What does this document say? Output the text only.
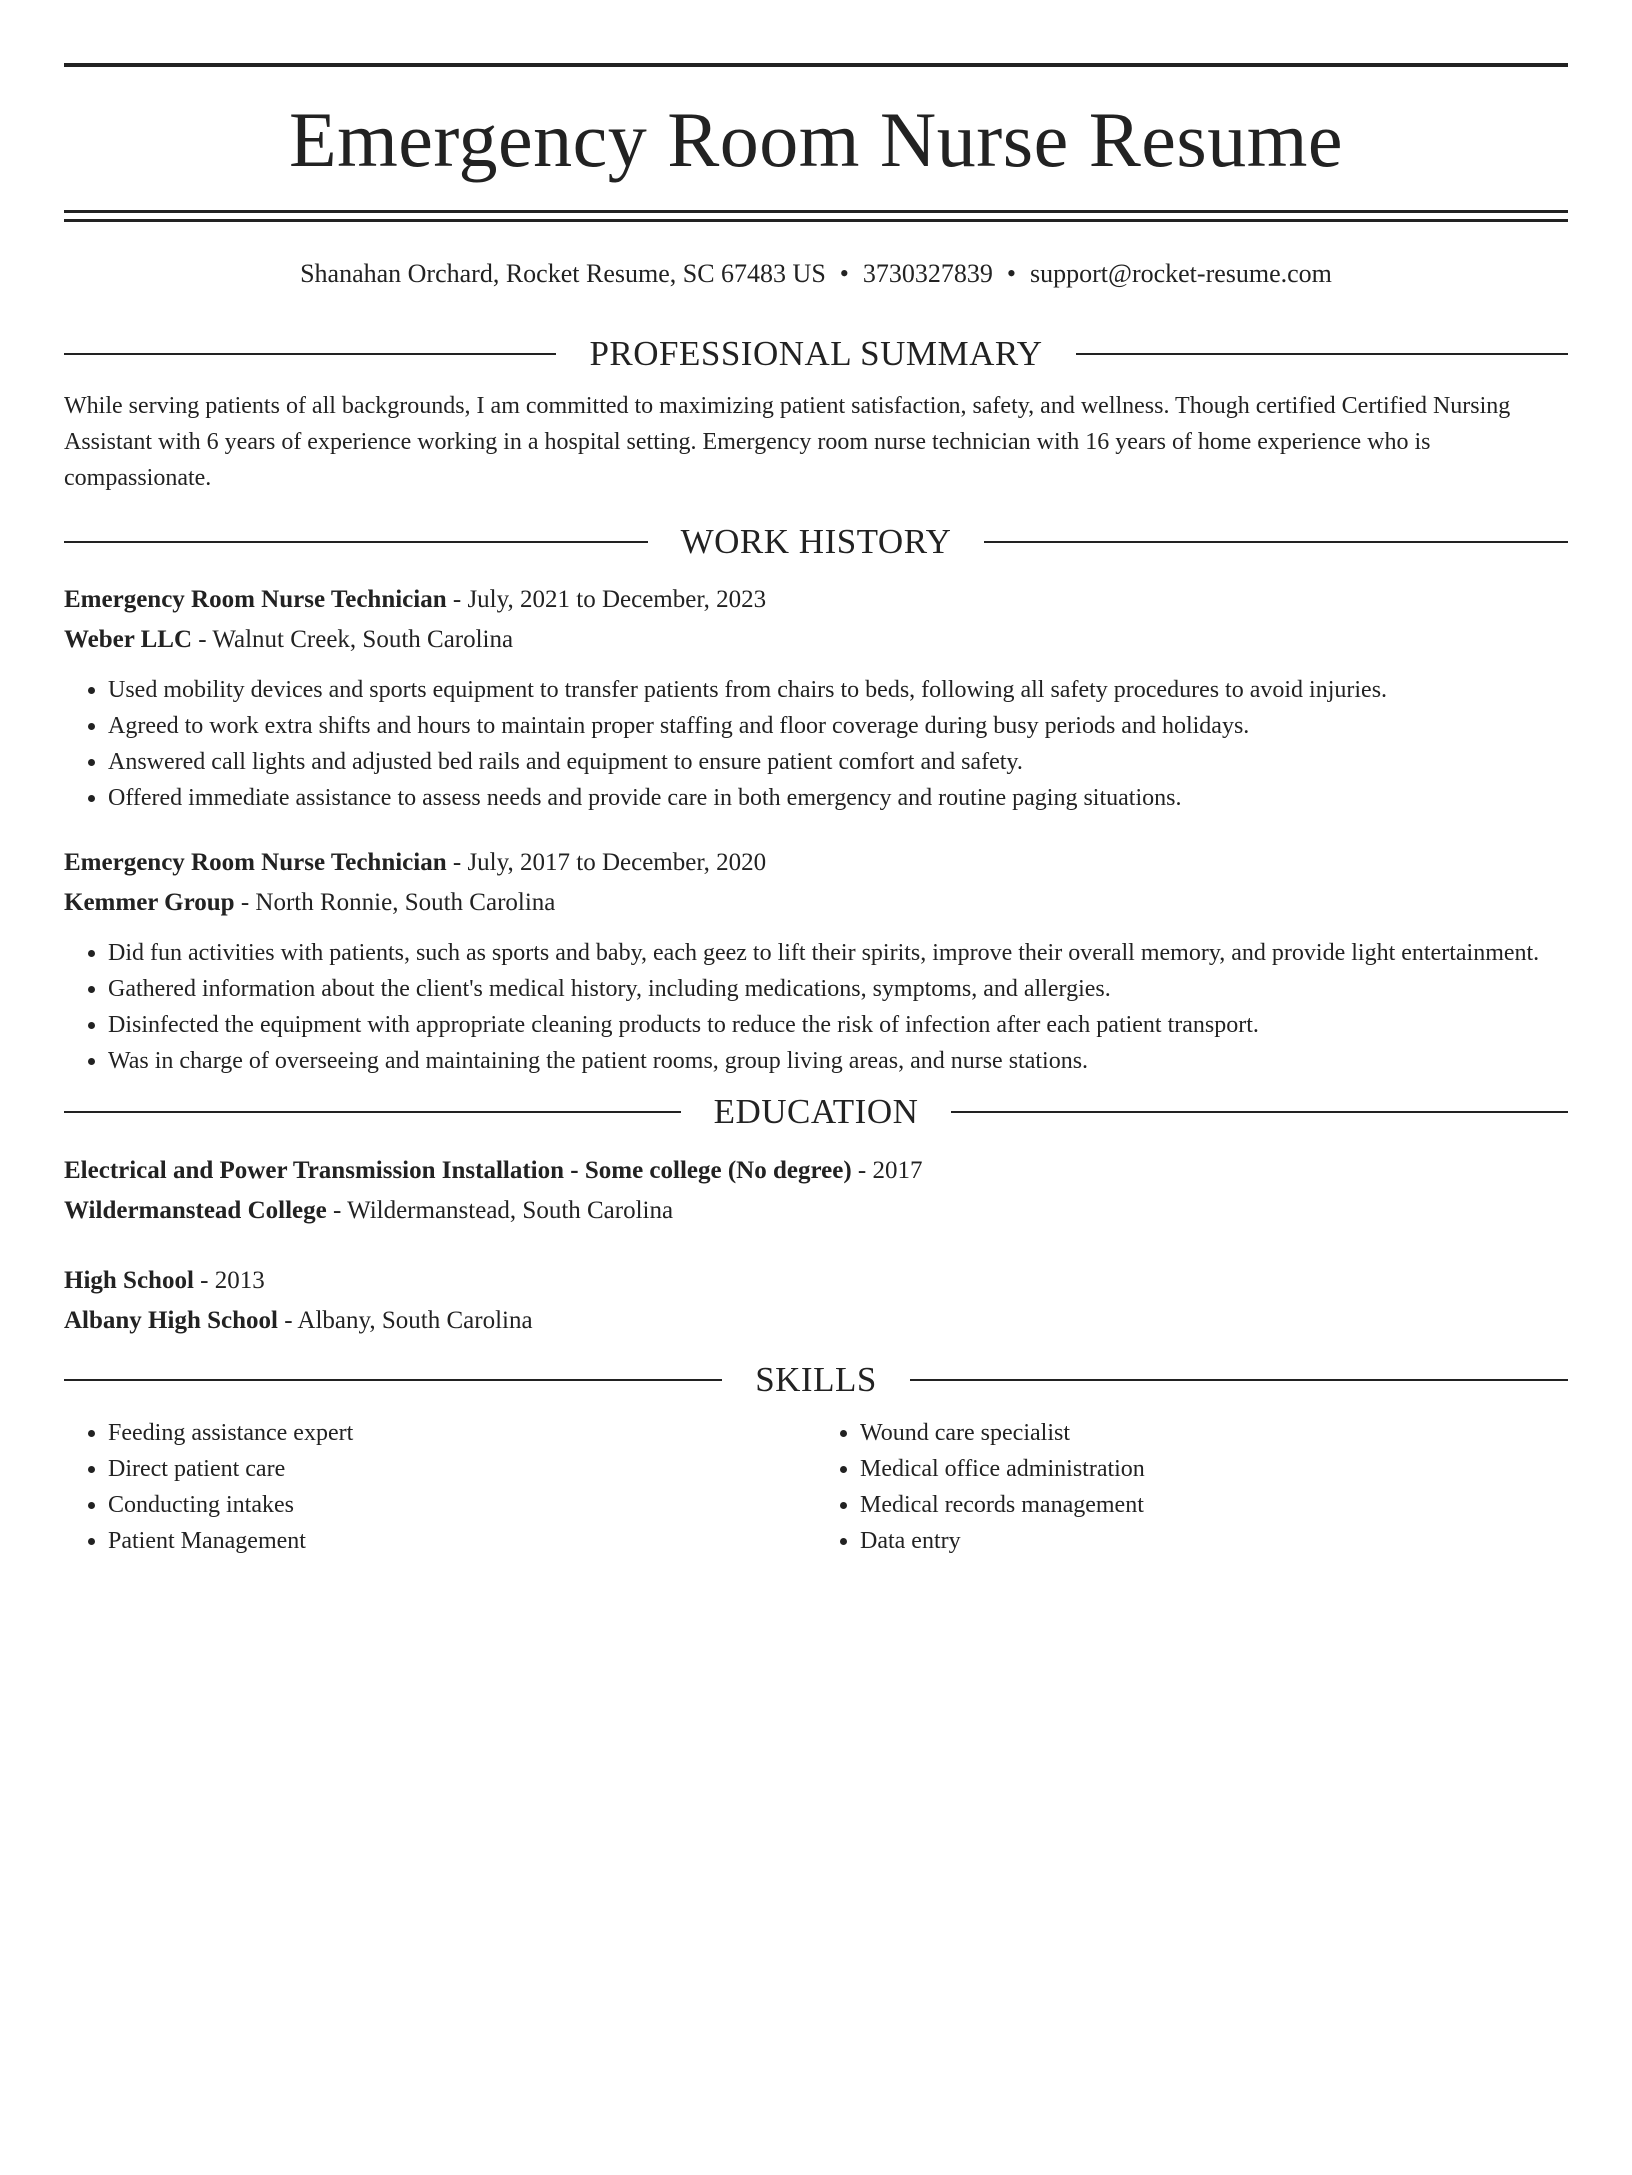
Emergency Room Nurse Resume
Shanahan Orchard, Rocket Resume, SC 67483 US • 3730327839 • support@rocket-resume.com
PROFESSIONAL SUMMARY
While serving patients of all backgrounds, I am committed to maximizing patient satisfaction, safety, and wellness. Though certified Certified Nursing Assistant with 6 years of experience working in a hospital setting. Emergency room nurse technician with 16 years of home experience who is compassionate.
WORK HISTORY
Emergency Room Nurse Technician - July, 2021 to December, 2023
Weber LLC - Walnut Creek, South Carolina
• Used mobility devices and sports equipment to transfer patients from chairs to beds, following all safety procedures to avoid injuries.
• Agreed to work extra shifts and hours to maintain proper staffing and floor coverage during busy periods and holidays.
• Answered call lights and adjusted bed rails and equipment to ensure patient comfort and safety.
• Offered immediate assistance to assess needs and provide care in both emergency and routine paging situations.
Emergency Room Nurse Technician - July, 2017 to December, 2020
Kemmer Group - North Ronnie, South Carolina
• Did fun activities with patients, such as sports and baby, each geez to lift their spirits, improve their overall memory, and provide light entertainment.
• Gathered information about the client's medical history, including medications, symptoms, and allergies.
• Disinfected the equipment with appropriate cleaning products to reduce the risk of infection after each patient transport.
• Was in charge of overseeing and maintaining the patient rooms, group living areas, and nurse stations.
EDUCATION
Electrical and Power Transmission Installation - Some college (No degree) - 2017
Wildermanstead College - Wildermanstead, South Carolina
High School - 2013
Albany High School - Albany, South Carolina
SKILLS
• Feeding assistance expert
• Direct patient care
• Conducting intakes
• Patient Management
• Wound care specialist
• Medical office administration
• Medical records management
• Data entry
